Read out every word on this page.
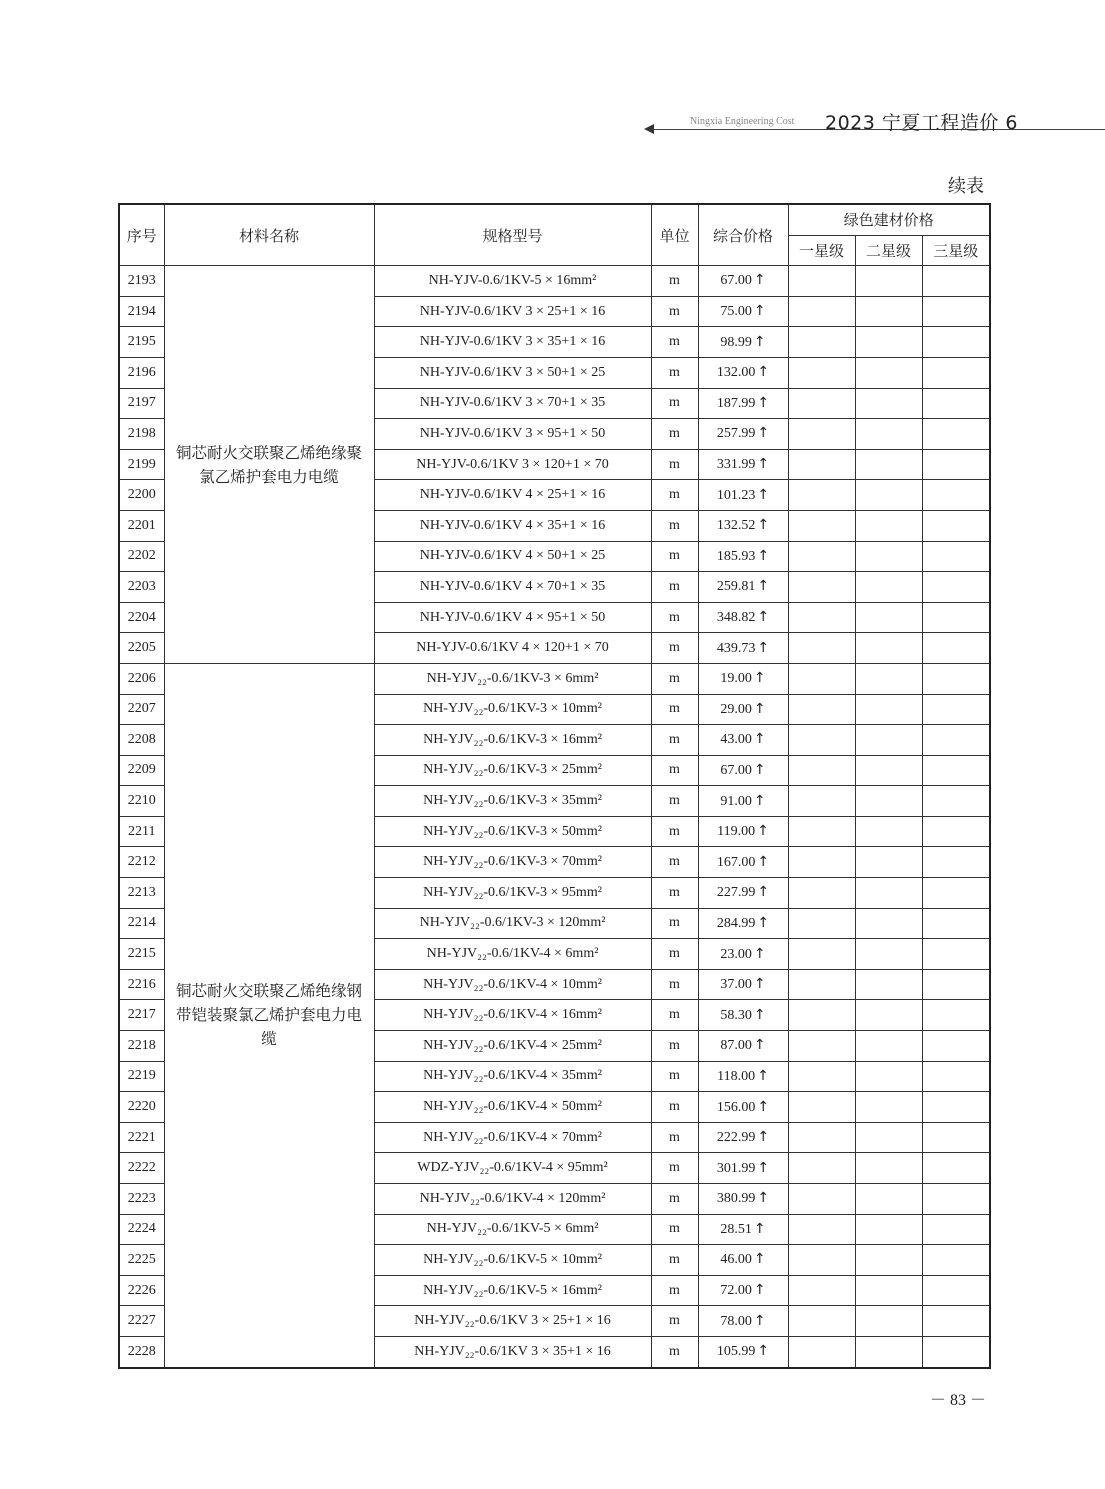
Ningxia Engineering Cost 2023 宁夏工程造价 6
续表
序号	材料名称	规格型号	单位	综合价格	绿色建材价格		
					一星级	二星级	三星级
2193	铜芯耐火交联聚乙烯绝缘聚氯乙烯护套电力电缆	NH-YJV-0.6/1KV-5 × 16mm²	m	67.00 ↑			
2194		NH-YJV-0.6/1KV 3 × 25+1 × 16	m	75.00 ↑			
2195		NH-YJV-0.6/1KV 3 × 35+1 × 16	m	98.99 ↑			
2196		NH-YJV-0.6/1KV 3 × 50+1 × 25	m	132.00 ↑			
2197		NH-YJV-0.6/1KV 3 × 70+1 × 35	m	187.99 ↑			
2198		NH-YJV-0.6/1KV 3 × 95+1 × 50	m	257.99 ↑			
2199		NH-YJV-0.6/1KV 3 × 120+1 × 70	m	331.99 ↑			
2200		NH-YJV-0.6/1KV 4 × 25+1 × 16	m	101.23 ↑			
2201		NH-YJV-0.6/1KV 4 × 35+1 × 16	m	132.52 ↑			
2202		NH-YJV-0.6/1KV 4 × 50+1 × 25	m	185.93 ↑			
2203		NH-YJV-0.6/1KV 4 × 70+1 × 35	m	259.81 ↑			
2204		NH-YJV-0.6/1KV 4 × 95+1 × 50	m	348.82 ↑			
2205		NH-YJV-0.6/1KV 4 × 120+1 × 70	m	439.73 ↑			
2206	铜芯耐火交联聚乙烯绝缘钢带铠装聚氯乙烯护套电力电缆	NH-YJV₂₂-0.6/1KV-3 × 6mm²	m	19.00 ↑			
2207		NH-YJV₂₂-0.6/1KV-3 × 10mm²	m	29.00 ↑			
2208		NH-YJV₂₂-0.6/1KV-3 × 16mm²	m	43.00 ↑			
2209		NH-YJV₂₂-0.6/1KV-3 × 25mm²	m	67.00 ↑			
2210		NH-YJV₂₂-0.6/1KV-3 × 35mm²	m	91.00 ↑			
2211		NH-YJV₂₂-0.6/1KV-3 × 50mm²	m	119.00 ↑			
2212		NH-YJV₂₂-0.6/1KV-3 × 70mm²	m	167.00 ↑			
2213		NH-YJV₂₂-0.6/1KV-3 × 95mm²	m	227.99 ↑			
2214		NH-YJV₂₂-0.6/1KV-3 × 120mm²	m	284.99 ↑			
2215		NH-YJV₂₂-0.6/1KV-4 × 6mm²	m	23.00 ↑			
2216		NH-YJV₂₂-0.6/1KV-4 × 10mm²	m	37.00 ↑			
2217		NH-YJV₂₂-0.6/1KV-4 × 16mm²	m	58.30 ↑			
2218		NH-YJV₂₂-0.6/1KV-4 × 25mm²	m	87.00 ↑			
2219		NH-YJV₂₂-0.6/1KV-4 × 35mm²	m	118.00 ↑			
2220		NH-YJV₂₂-0.6/1KV-4 × 50mm²	m	156.00 ↑			
2221		NH-YJV₂₂-0.6/1KV-4 × 70mm²	m	222.99 ↑			
2222		WDZ-YJV₂₂-0.6/1KV-4 × 95mm²	m	301.99 ↑			
2223		NH-YJV₂₂-0.6/1KV-4 × 120mm²	m	380.99 ↑			
2224		NH-YJV₂₂-0.6/1KV-5 × 6mm²	m	28.51 ↑			
2225		NH-YJV₂₂-0.6/1KV-5 × 10mm²	m	46.00 ↑			
2226		NH-YJV₂₂-0.6/1KV-5 × 16mm²	m	72.00 ↑			
2227		NH-YJV₂₂-0.6/1KV 3 × 25+1 × 16	m	78.00 ↑			
2228		NH-YJV₂₂-0.6/1KV 3 × 35+1 × 16	m	105.99 ↑			
－ 83 －
